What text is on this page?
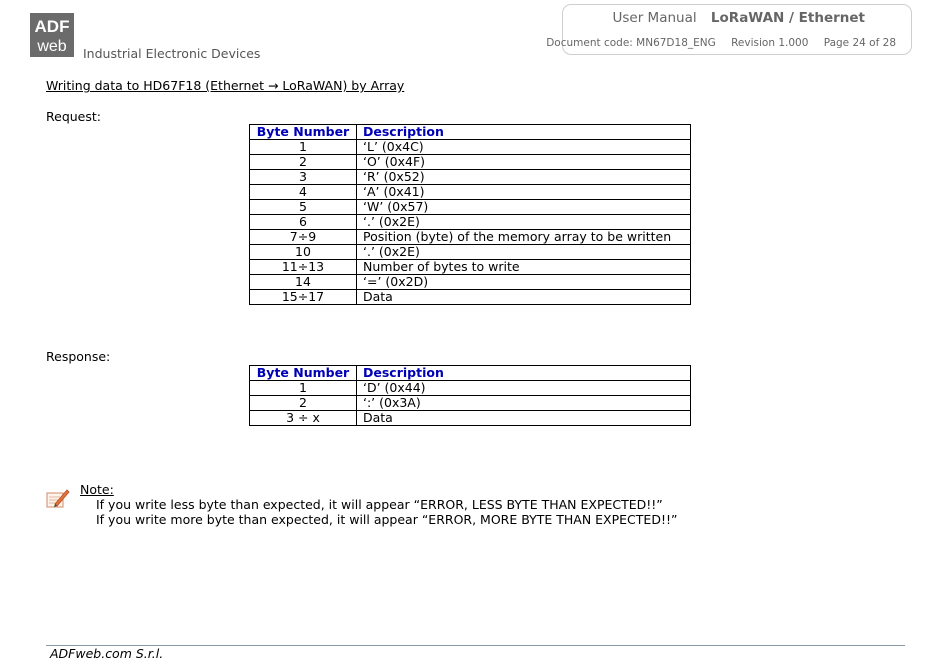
ADF
web Industrial Electronic Devices
User Manual LoRaWAN / Ethernet
Document code: MN67D18_ENG Revision 1.000 Page 24 of 28
Writing data to HD67F18 (Ethernet → LoRaWAN) by Array
Request:
Byte Number	Description
1	‘L’ (0x4C)
2	‘O’ (0x4F)
3	‘R’ (0x52)
4	‘A’ (0x41)
5	‘W’ (0x57)
6	‘.’ (0x2E)
7÷9	Position (byte) of the memory array to be written
10	‘.’ (0x2E)
11÷13	Number of bytes to write
14	‘=’ (0x2D)
15÷17	Data
Response:
Byte Number	Description
1	‘D’ (0x44)
2	‘:’ (0x3A)
3 ÷ x	Data
Note:
If you write less byte than expected, it will appear “ERROR, LESS BYTE THAN EXPECTED!!”
If you write more byte than expected, it will appear “ERROR, MORE BYTE THAN EXPECTED!!”
ADFweb.com S.r.l.
